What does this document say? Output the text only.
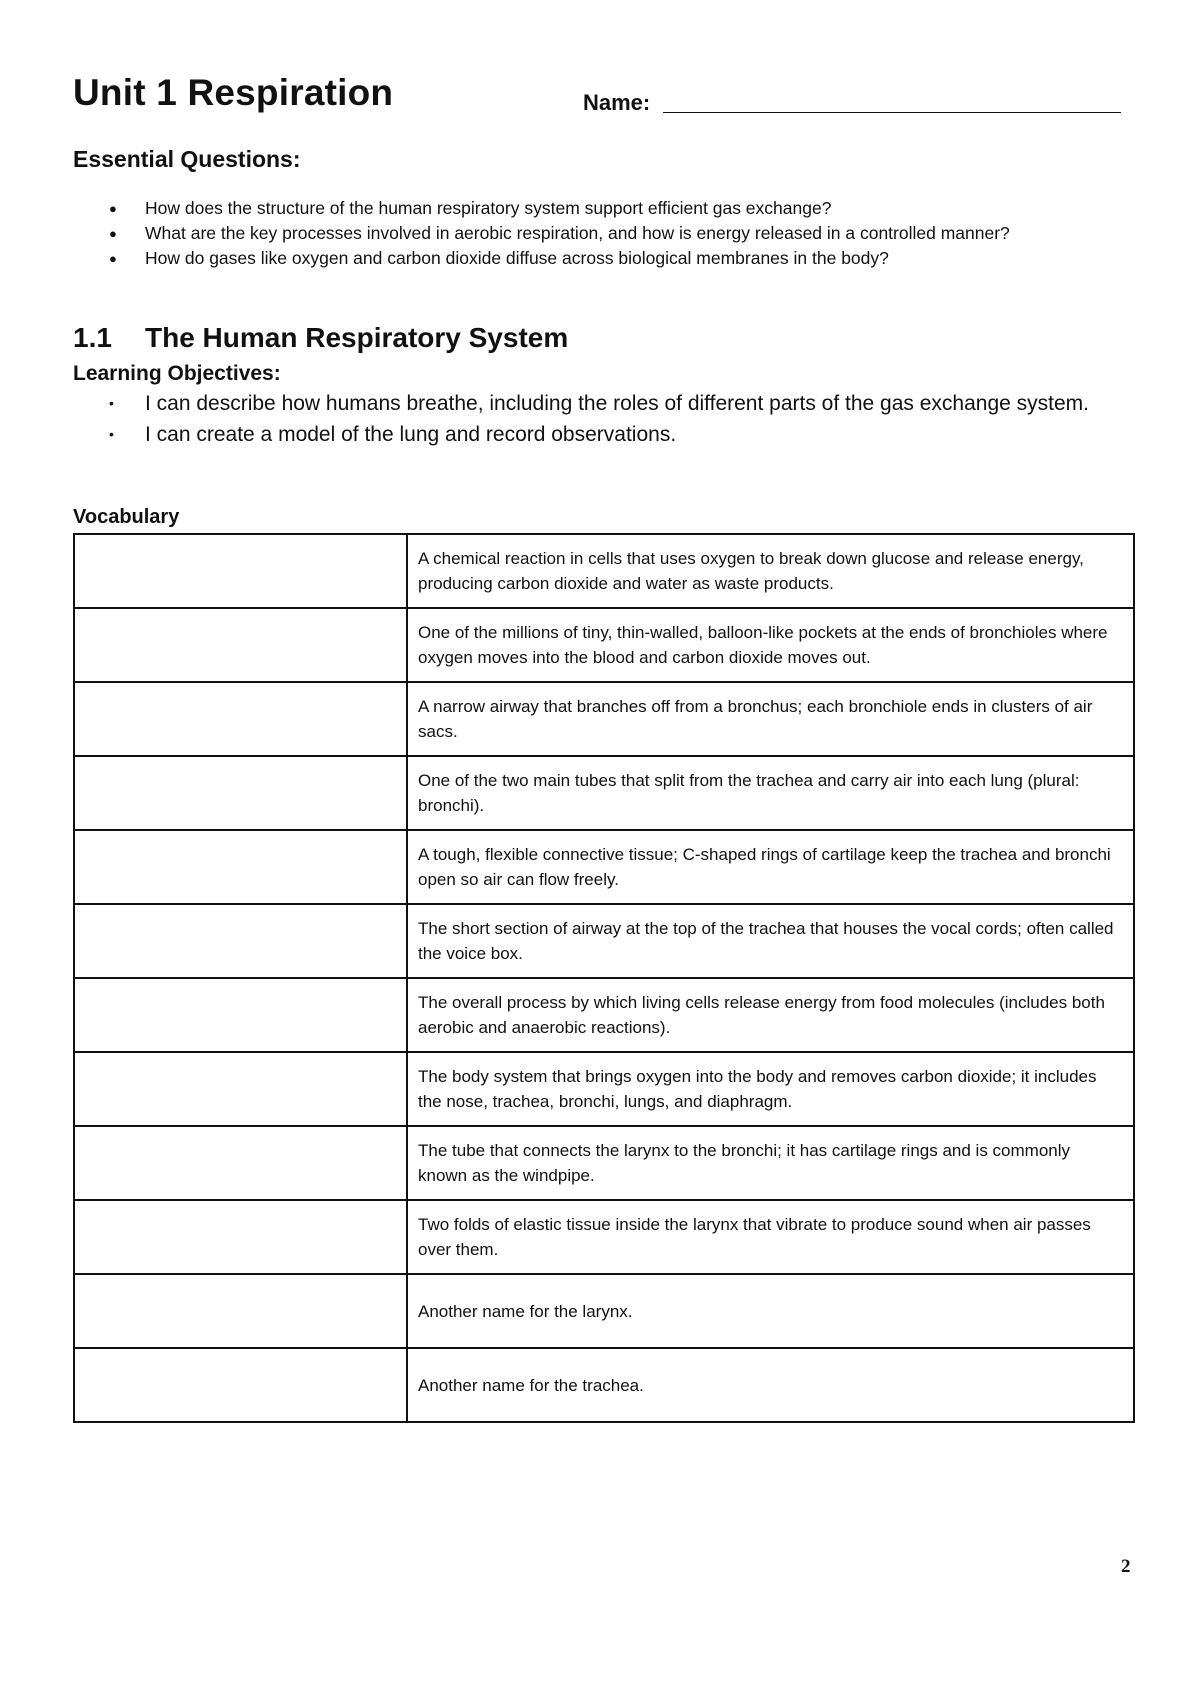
Unit 1 Respiration	Name:
Essential Questions:
● How does the structure of the human respiratory system support efficient gas exchange?
● What are the key processes involved in aerobic respiration, and how is energy released in a controlled manner?
● How do gases like oxygen and carbon dioxide diffuse across biological membranes in the body?
1.1 The Human Respiratory System
Learning Objectives:
• I can describe how humans breathe, including the roles of different parts of the gas exchange system.
• I can create a model of the lung and record observations.
Vocabulary
	A chemical reaction in cells that uses oxygen to break down glucose and release energy, producing carbon dioxide and water as waste products.
	One of the millions of tiny, thin-walled, balloon-like pockets at the ends of bronchioles where oxygen moves into the blood and carbon dioxide moves out.
	A narrow airway that branches off from a bronchus; each bronchiole ends in clusters of air sacs.
	One of the two main tubes that split from the trachea and carry air into each lung (plural: bronchi).
	A tough, flexible connective tissue; C-shaped rings of cartilage keep the trachea and bronchi open so air can flow freely.
	The short section of airway at the top of the trachea that houses the vocal cords; often called the voice box.
	The overall process by which living cells release energy from food molecules (includes both aerobic and anaerobic reactions).
	The body system that brings oxygen into the body and removes carbon dioxide; it includes the nose, trachea, bronchi, lungs, and diaphragm.
	The tube that connects the larynx to the bronchi; it has cartilage rings and is commonly known as the windpipe.
	Two folds of elastic tissue inside the larynx that vibrate to produce sound when air passes over them.
	Another name for the larynx.
	Another name for the trachea.
2
